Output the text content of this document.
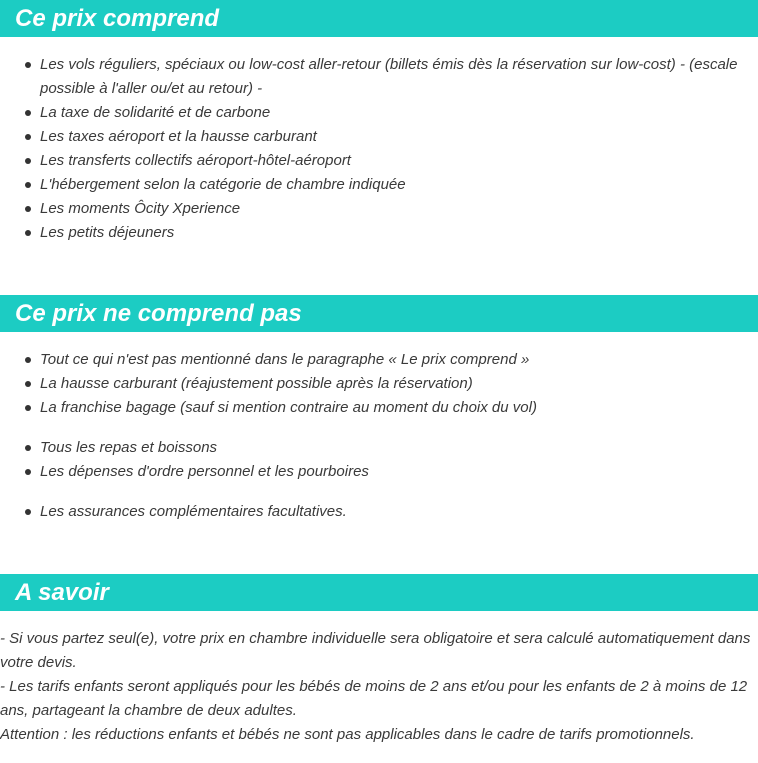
Ce prix comprend
Les vols réguliers, spéciaux ou low-cost aller-retour (billets émis dès la réservation sur low-cost) - (escale possible à l'aller ou/et au retour) -
La taxe de solidarité et de carbone
Les taxes aéroport et la hausse carburant
Les transferts collectifs aéroport-hôtel-aéroport
L'hébergement selon la catégorie de chambre indiquée
Les moments Ôcity Xperience
Les petits déjeuners
Ce prix ne comprend pas
Tout ce qui n'est pas mentionné dans le paragraphe « Le prix comprend »
La hausse carburant (réajustement possible après la réservation)
La franchise bagage (sauf si mention contraire au moment du choix du vol)
Tous les repas et boissons
Les dépenses d'ordre personnel et les pourboires
Les assurances complémentaires facultatives.
A savoir

- Si vous partez seul(e), votre prix en chambre individuelle sera obligatoire et sera calculé automatiquement dans votre devis.

- Les tarifs enfants seront appliqués pour les bébés de moins de 2 ans et/ou pour les enfants de 2 à moins de 12 ans, partageant la chambre de deux adultes.

Attention : les réductions enfants et bébés ne sont pas applicables dans le cadre de tarifs promotionnels.
